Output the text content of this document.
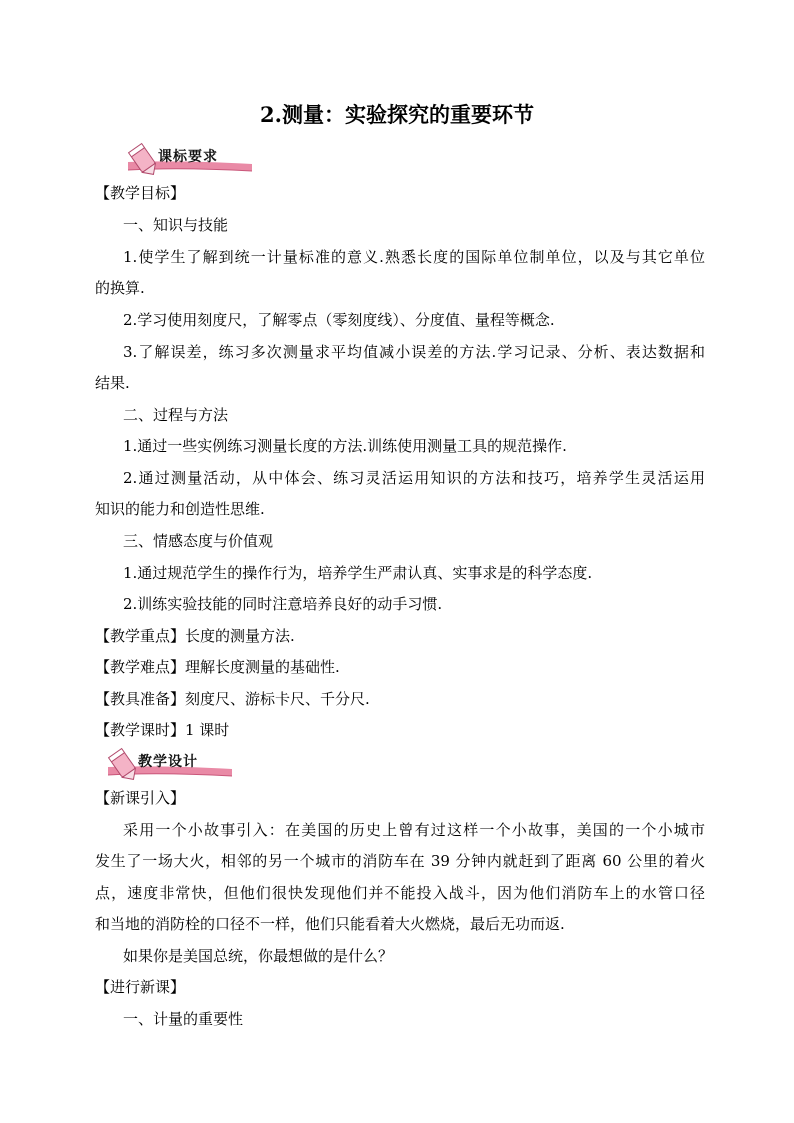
2.测量：实验探究的重要环节
课标要求
【教学目标】
一、知识与技能
1.使学生了解到统一计量标准的意义.熟悉长度的国际单位制单位，以及与其它单位
的换算.
2.学习使用刻度尺，了解零点（零刻度线）、分度值、量程等概念.
3.了解误差，练习多次测量求平均值减小误差的方法.学习记录、分析、表达数据和
结果.
二、过程与方法
1.通过一些实例练习测量长度的方法.训练使用测量工具的规范操作.
2.通过测量活动，从中体会、练习灵活运用知识的方法和技巧，培养学生灵活运用
知识的能力和创造性思维.
三、情感态度与价值观
1.通过规范学生的操作行为，培养学生严肃认真、实事求是的科学态度.
2.训练实验技能的同时注意培养良好的动手习惯.
【教学重点】长度的测量方法.
【教学难点】理解长度测量的基础性.
【教具准备】刻度尺、游标卡尺、千分尺.
【教学课时】1 课时
教学设计
【新课引入】
采用一个小故事引入：在美国的历史上曾有过这样一个小故事，美国的一个小城市
发生了一场大火，相邻的另一个城市的消防车在 39 分钟内就赶到了距离 60 公里的着火
点，速度非常快，但他们很快发现他们并不能投入战斗，因为他们消防车上的水管口径
和当地的消防栓的口径不一样，他们只能看着大火燃烧，最后无功而返.
如果你是美国总统，你最想做的是什么？
【进行新课】
一、计量的重要性
